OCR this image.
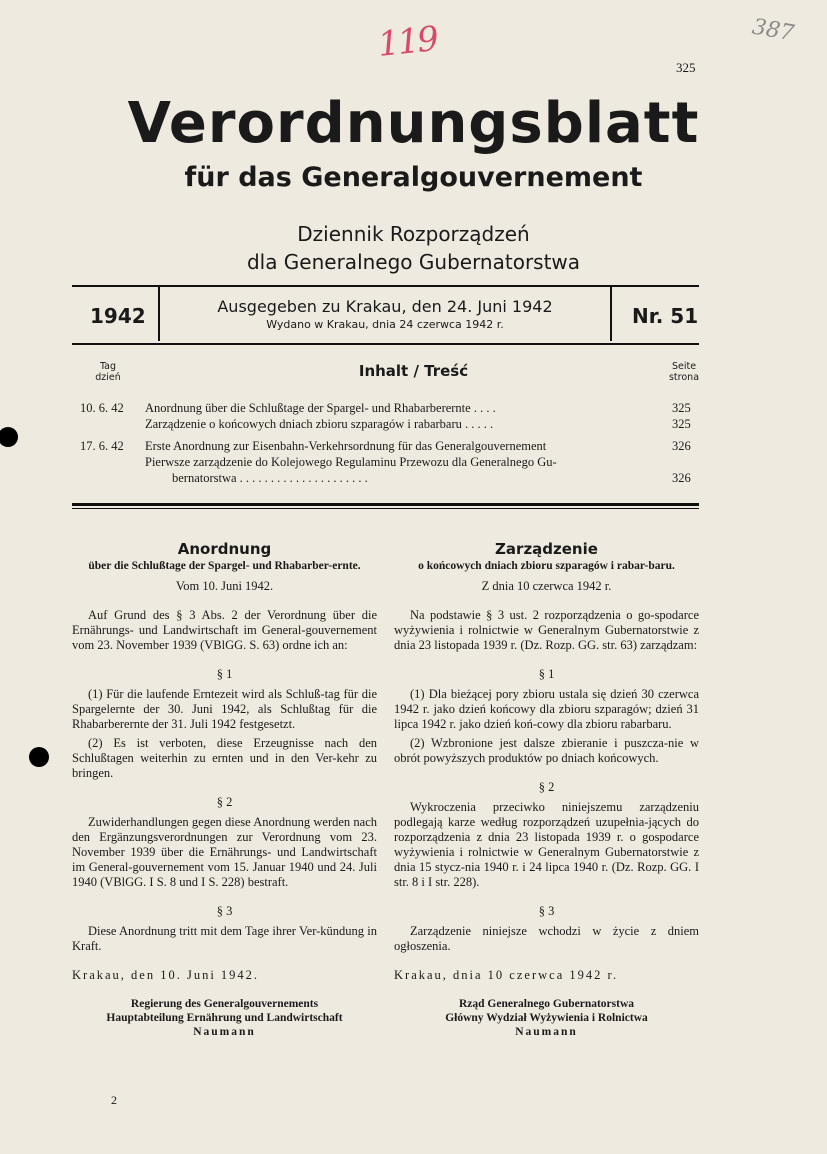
325
119	387
Verordnungsblatt
für das Generalgouvernement
Dziennik Rozporządzeń
dla Generalnego Gubernatorstwa
1942	Ausgegeben zu Krakau, den 24. Juni 1942
Wydano w Krakau, dnia 24 czerwca 1942 r.	Nr. 51
Tag
dzień	Inhalt / Treść	Seite
strona
10. 6. 42 Anordnung über die Schlußtage der Spargel- und Rhabarberernte . . . .	325
Zarządzenie o końcowych dniach zbioru szparagów i rabarbaru . . . . .	325
17. 6. 42 Erste Anordnung zur Eisenbahn-Verkehrsordnung für das Generalgouvernement	326
Pierwsze zarządzenie do Kolejowego Regulaminu Przewozu dla Generalnego Gu-
bernatorstwa . . . . . . . . . . . . . . . . . . . . .	326
Anordnung
über die Schlußtage der Spargel- und Rhabarber-ernte.
Vom 10. Juni 1942.

Auf Grund des § 3 Abs. 2 der Verordnung über die Ernährungs- und Landwirtschaft im General-gouvernement vom 23. November 1939 (VBlGG. S. 63) ordne ich an:

§ 1

(1) Für die laufende Erntezeit wird als Schluß-tag für die Spargelernte der 30. Juni 1942, als Schlußtag für die Rhabarberernte der 31. Juli 1942 festgesetzt.

(2) Es ist verboten, diese Erzeugnisse nach den Schlußtagen weiterhin zu ernten und in den Ver-kehr zu bringen.

§ 2

Zuwiderhandlungen gegen diese Anordnung werden nach den Ergänzungsverordnungen zur Verordnung vom 23. November 1939 über die Ernährungs- und Landwirtschaft im General-gouvernement vom 15. Januar 1940 und 24. Juli 1940 (VBlGG. I S. 8 und I S. 228) bestraft.

§ 3

Diese Anordnung tritt mit dem Tage ihrer Ver-kündung in Kraft.

Krakau, den 10. Juni 1942.
Regierung des Generalgouvernements
Hauptabteilung Ernährung und Landwirtschaft
Naumann
Zarządzenie
o końcowych dniach zbioru szparagów i rabar-baru.
Z dnia 10 czerwca 1942 r.

Na podstawie § 3 ust. 2 rozporządzenia o go-spodarce wyżywienia i rolnictwie w Generalnym Gubernatorstwie z dnia 23 listopada 1939 r. (Dz. Rozp. GG. str. 63) zarządzam:

§ 1

(1) Dla bieżącej pory zbioru ustala się dzień 30 czerwca 1942 r. jako dzień końcowy dla zbioru szparagów; dzień 31 lipca 1942 r. jako dzień koń-cowy dla zbioru rabarbaru.

(2) Wzbronione jest dalsze zbieranie i puszcza-nie w obrót powyższych produktów po dniach końcowych.

§ 2

Wykroczenia przeciwko niniejszemu zarządzeniu podlegają karze według rozporządzeń uzupełnia-jących do rozporządzenia z dnia 23 listopada 1939 r. o gospodarce wyżywienia i rolnictwie w Generalnym Gubernatorstwie z dnia 15 stycz-nia 1940 r. i 24 lipca 1940 r. (Dz. Rozp. GG. I str. 8 i I str. 228).

§ 3

Zarządzenie niniejsze wchodzi w życie z dniem ogłoszenia.

Krakau, dnia 10 czerwca 1942 r.
Rząd Generalnego Gubernatorstwa
Główny Wydział Wyżywienia i Rolnictwa
Naumann
2
